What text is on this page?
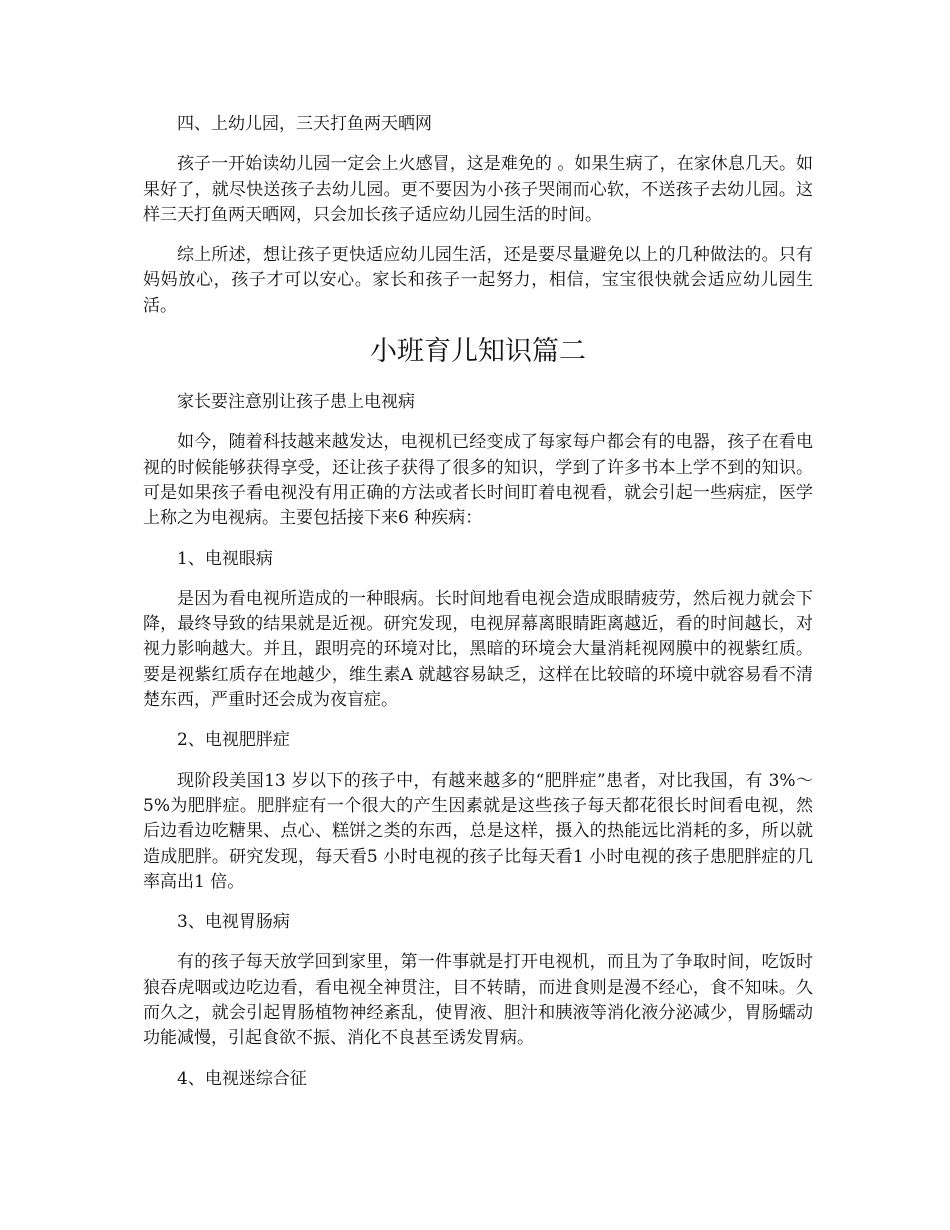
四、上幼儿园，三天打鱼两天晒网

孩子一开始读幼儿园一定会上火感冒，这是难免的 。如果生病了，在家休息几天。如果好了，就尽快送孩子去幼儿园。更不要因为小孩子哭闹而心软，不送孩子去幼儿园。这样三天打鱼两天晒网，只会加长孩子适应幼儿园生活的时间。

综上所述，想让孩子更快适应幼儿园生活，还是要尽量避免以上的几种做法的。只有妈妈放心，孩子才可以安心。家长和孩子一起努力，相信，宝宝很快就会适应幼儿园生活。

小班育儿知识篇二

家长要注意别让孩子患上电视病

如今，随着科技越来越发达，电视机已经变成了每家每户都会有的电器，孩子在看电视的时候能够获得享受，还让孩子获得了很多的知识，学到了许多书本上学不到的知识。可是如果孩子看电视没有用正确的方法或者长时间盯着电视看，就会引起一些病症，医学上称之为电视病。主要包括接下来6 种疾病：

1、电视眼病

是因为看电视所造成的一种眼病。长时间地看电视会造成眼睛疲劳，然后视力就会下降，最终导致的结果就是近视。研究发现，电视屏幕离眼睛距离越近，看的时间越长，对视力影响越大。并且，跟明亮的环境对比，黑暗的环境会大量消耗视网膜中的视紫红质。要是视紫红质存在地越少，维生素A 就越容易缺乏，这样在比较暗的环境中就容易看不清楚东西，严重时还会成为夜盲症。

2、电视肥胖症

现阶段美国13 岁以下的孩子中，有越来越多的“肥胖症”患者，对比我国，有 3%～5%为肥胖症。肥胖症有一个很大的产生因素就是这些孩子每天都花很长时间看电视，然后边看边吃糖果、点心、糕饼之类的东西，总是这样，摄入的热能远比消耗的多，所以就造成肥胖。研究发现，每天看5 小时电视的孩子比每天看1 小时电视的孩子患肥胖症的几率高出1 倍。

3、电视胃肠病

有的孩子每天放学回到家里，第一件事就是打开电视机，而且为了争取时间，吃饭时狼吞虎咽或边吃边看，看电视全神贯注，目不转睛，而进食则是漫不经心，食不知味。久而久之，就会引起胃肠植物神经紊乱，使胃液、胆汁和胰液等消化液分泌减少，胃肠蠕动功能减慢，引起食欲不振、消化不良甚至诱发胃病。

4、电视迷综合征
